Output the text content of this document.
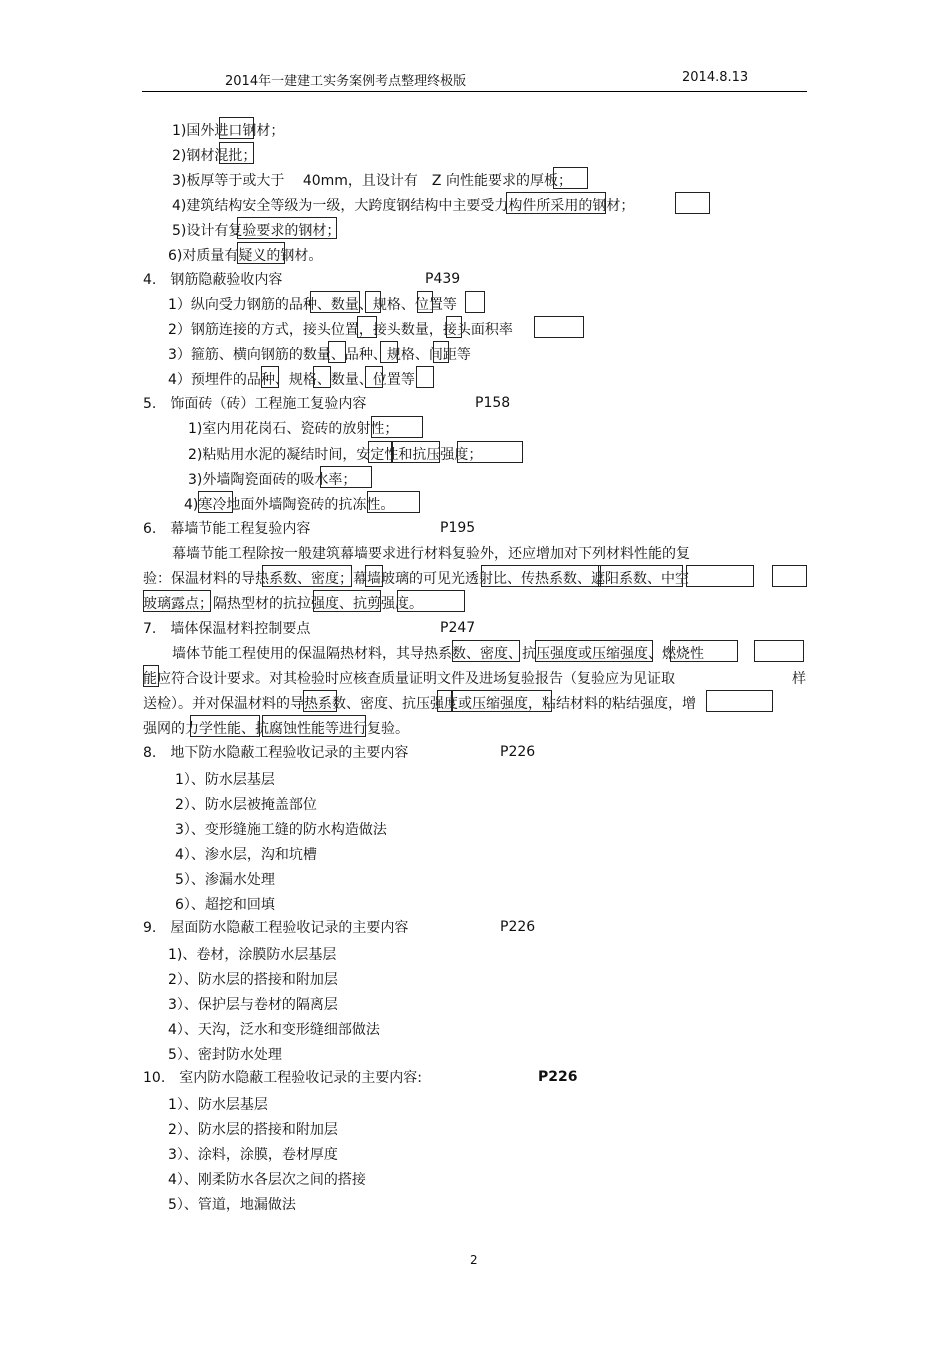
2014年一建建工实务案例考点整理终极版	2014.8.13
1)国外进口钢材；
2)钢材混批；
3)板厚等于或大于　 40mm，且设计有　Z 向性能要求的厚板；
4)建筑结构安全等级为一级，大跨度钢结构中主要受力构件所采用的钢材；
5)设计有复验要求的钢材；
6)对质量有疑义的钢材。
4.　钢筋隐蔽验收内容
1）纵向受力钢筋的品种、数量、规格、位置等
2）钢筋连接的方式，接头位置，接头数量，接头面积率
3）箍筋、横向钢筋的数量、品种、规格、间距等
4）预埋件的品种、规格、数量、位置等
5.　饰面砖（砖）工程施工复验内容
1)室内用花岗石、瓷砖的放射性；
2)粘贴用水泥的凝结时间，安定性和抗压强度；
3)外墙陶瓷面砖的吸水率；
4)寒冷地面外墙陶瓷砖的抗冻性。
6.　幕墙节能工程复验内容
幕墙节能工程除按一般建筑幕墙要求进行材料复验外，还应增加对下列材料性能的复
验：保温材料的导热系数、密度；幕墙玻璃的可见光透射比、传热系数、遮阳系数、中空
玻璃露点；隔热型材的抗拉强度、抗剪强度。
7.　墙体保温材料控制要点
墙体节能工程使用的保温隔热材料，其导热系数、密度、抗压强度或压缩强度、燃烧性
能应符合设计要求。对其检验时应核查质量证明文件及进场复验报告（复验应为见证取
送检）。并对保温材料的导热系数、密度、抗压强度或压缩强度，粘结材料的粘结强度，增
强网的力学性能、抗腐蚀性能等进行复验。
8.　地下防水隐蔽工程验收记录的主要内容
1）、防水层基层
2）、防水层被掩盖部位
3）、变形缝施工缝的防水构造做法
4）、渗水层，沟和坑槽
5）、渗漏水处理
6）、超挖和回填
9.　屋面防水隐蔽工程验收记录的主要内容
1)、卷材，涂膜防水层基层
2）、防水层的搭接和附加层
3）、保护层与卷材的隔离层
4）、天沟，泛水和变形缝细部做法
5）、密封防水处理
10.　室内防水隐蔽工程验收记录的主要内容:
1）、防水层基层
2）、防水层的搭接和附加层
3）、涂料，涂膜，卷材厚度
4）、刚柔防水各层次之间的搭接
5）、管道，地漏做法
P439
P158
P195
P247
P226
P226
P226
样
2
